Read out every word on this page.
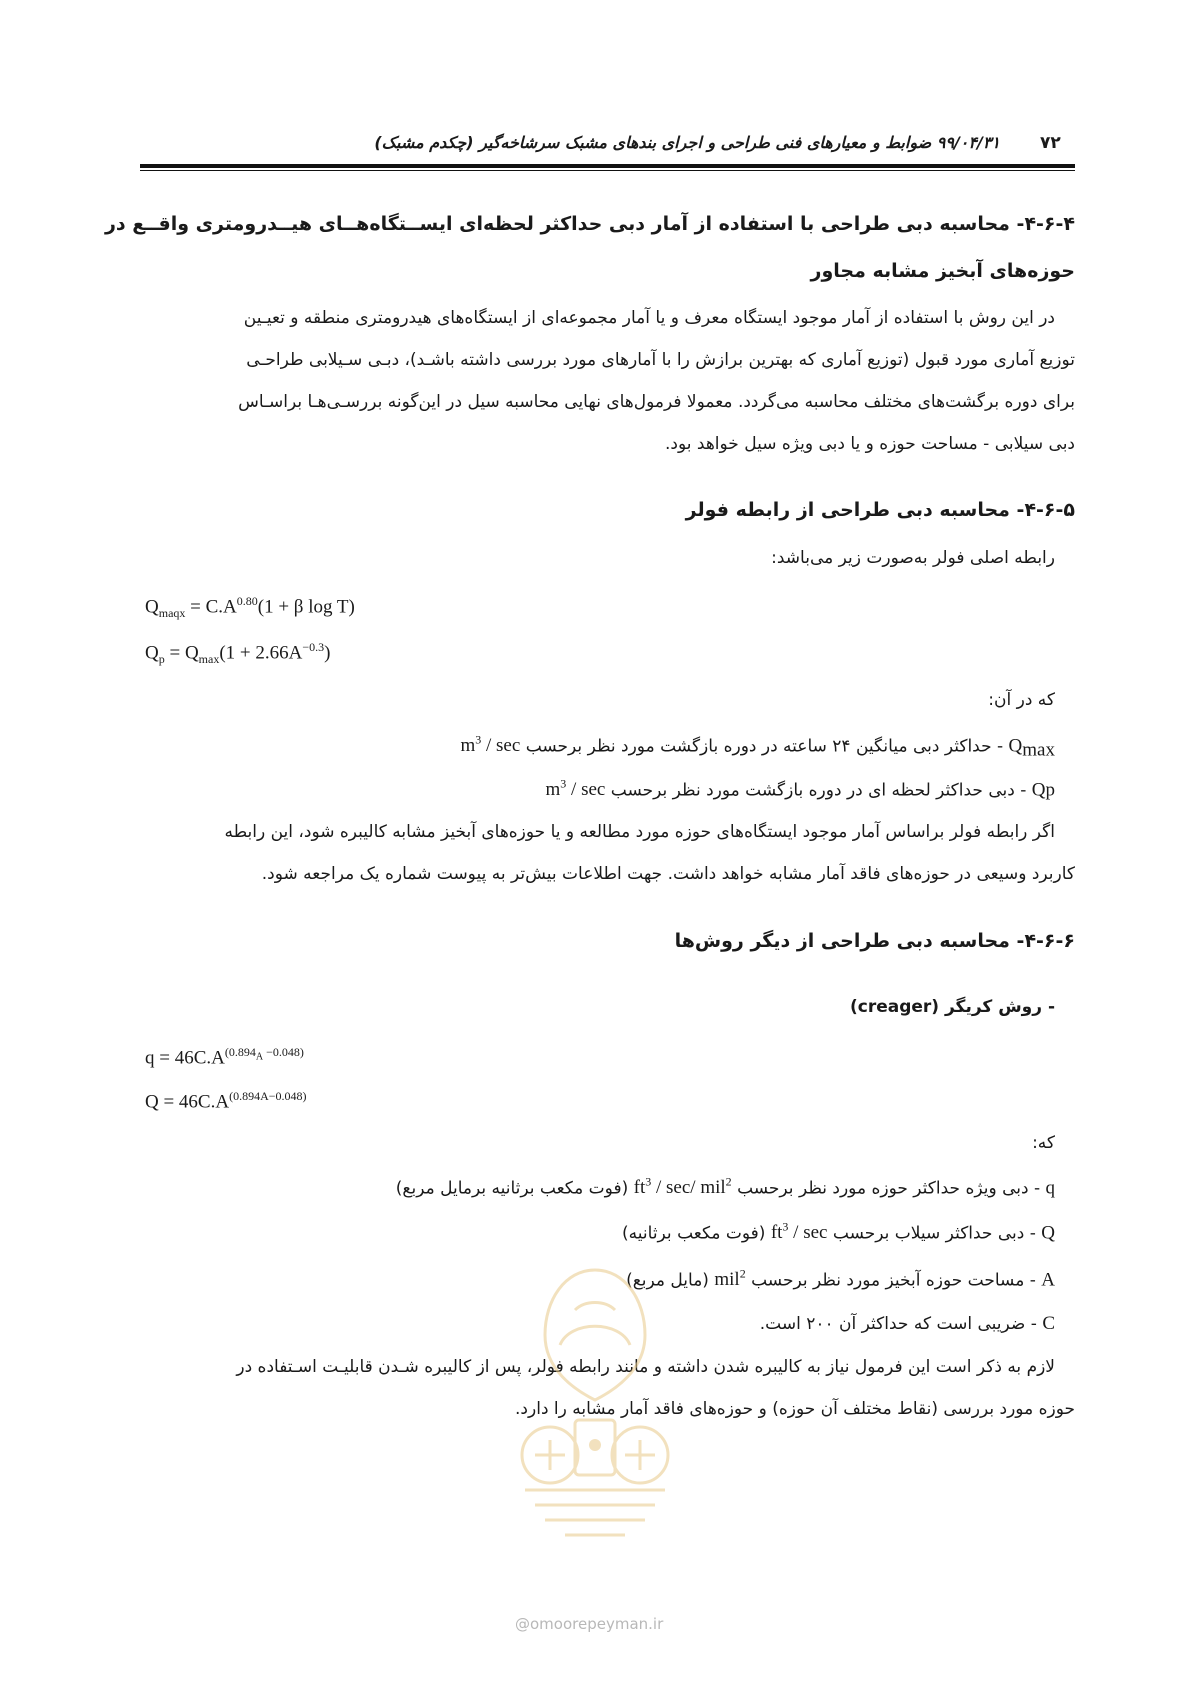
۷۲
۹۹/۰۴/۳۱ ضوابط و معیارهای فنی طراحی و اجرای بندهای مشبک سرشاخه‌گیر (چکدم مشبک)
۴-۶-۴- محاسبه دبی طراحی با استفاده از آمار دبی حداکثر لحظه‌ای ایســتگاه‌هــای هیــدرومتری واقــع در
حوزه‌های آبخیز مشابه مجاور
در این روش با استفاده از آمار موجود ایستگاه معرف و یا آمار مجموعه‌ای از ایستگاه‌های هیدرومتری منطقه و تعیـین
توزیع آماری مورد قبول (توزیع آماری که بهترین برازش را با آمارهای مورد بررسی داشته باشـد)، دبـی سـیلابی طراحـی
برای دوره برگشت‌های مختلف محاسبه می‌گردد. معمولا فرمول‌های نهایی محاسبه سیل در این‌گونه بررسـی‌هـا براسـاس
دبی سیلابی - مساحت حوزه و یا دبی ویژه سیل خواهد بود.
۴-۶-۵- محاسبه دبی طراحی از رابطه فولر
رابطه اصلی فولر به‌صورت زیر می‌باشد:
$Q_{maqx} = C.A^{0.80}(1 + \beta$ log T)
$Q_p = Q_{max}(1 + 2.66A^{-0.3})$
که در آن:
$Q_{max}$ - حداکثر دبی میانگین ۲۴ ساعته در دوره بازگشت مورد نظر برحسب $m^3$ / sec
Qp - دبی حداکثر لحظه ای در دوره بازگشت مورد نظر برحسب $m^3$ / sec
اگر رابطه فولر براساس آمار موجود ایستگاه‌های حوزه مورد مطالعه و یا حوزه‌های آبخیز مشابه کالیبره شود، این رابطه
کاربرد وسیعی در حوزه‌های فاقد آمار مشابه خواهد داشت. جهت اطلاعات بیش‌تر به پیوست شماره یک مراجعه شود.
۴-۶-۶- محاسبه دبی طراحی از دیگر روش‌ها
- روش کریگر (creager)
$q = 46C.A^{(0.894_A -0.048)}$
$Q = 46C.A^{(0.894A-0.048)}$
که:
q - دبی ویژه حداکثر حوزه مورد نظر برحسب $ft^3 / \sec/$ mil$^2$ (فوت مکعب برثانیه برمایل مربع)
Q - دبی حداکثر سیلاب برحسب $ft^3$ / sec (فوت مکعب برثانیه)
A - مساحت حوزه آبخیز مورد نظر برحسب mil$^2$ (مایل مربع)
C - ضریبی است که حداکثر آن ۲۰۰ است.
لازم به ذکر است این فرمول نیاز به کالیبره شدن داشته و مانند رابطه فولر، پس از کالیبره شـدن قابلیـت اسـتفاده در
حوزه مورد بررسی (نقاط مختلف آن حوزه) و حوزه‌های فاقد آمار مشابه را دارد.
@omoorepeyman.ir
